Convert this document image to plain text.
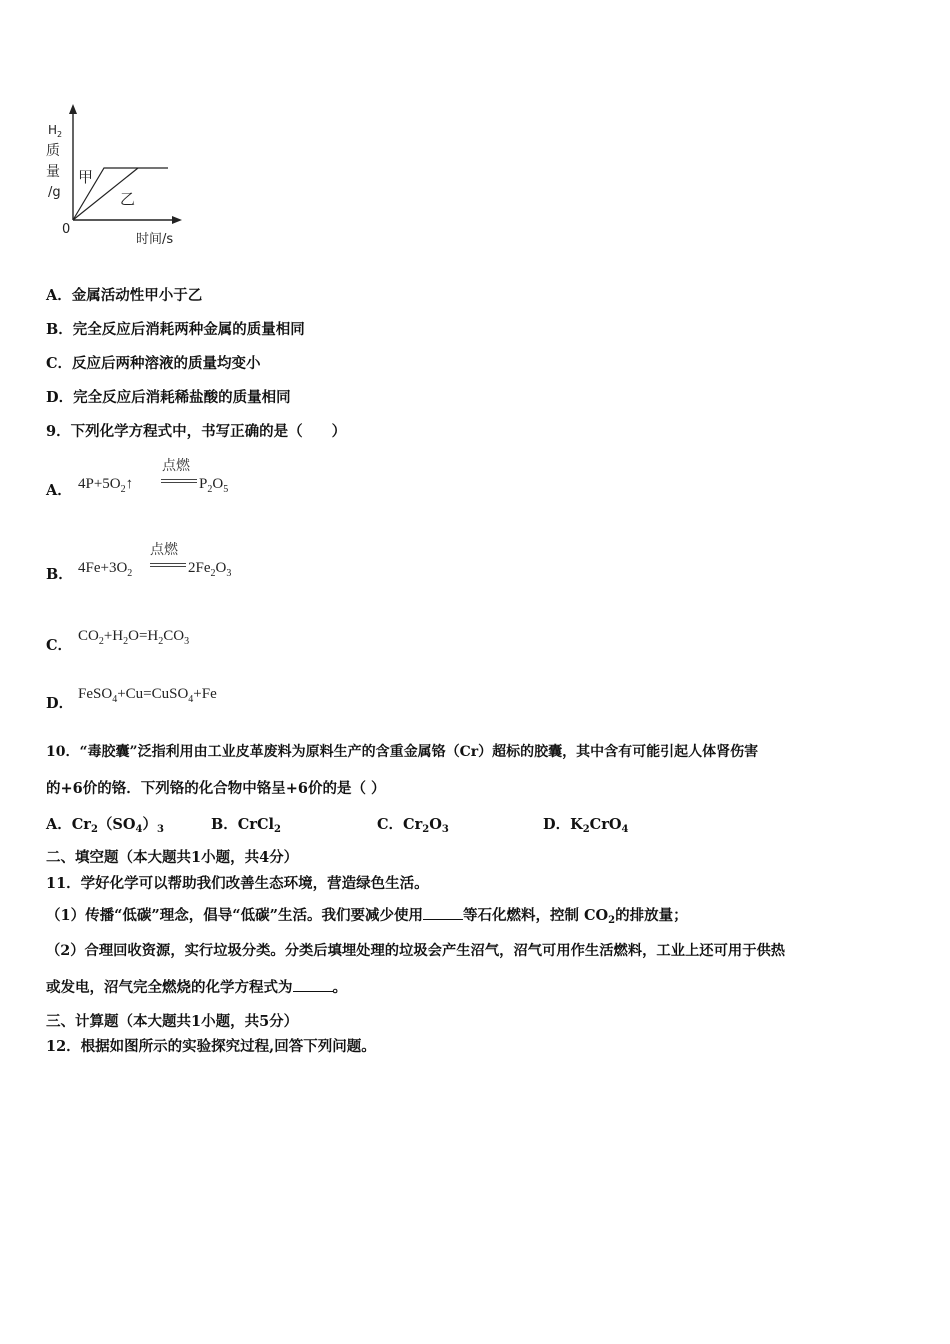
$H_2$
质
量
/g
0
时间/s
甲
乙
A．金属活动性甲小于乙
B．完全反应后消耗两种金属的质量相同
C．反应后两种溶液的质量均变小
D．完全反应后消耗稀盐酸的质量相同
9．下列化学方程式中，书写正确的是（　　）
A． $4P+5O_2↑$
点燃
$P_2O_5$
B． $4Fe+3O_2$
点燃
$2Fe_2O_3$
C．
$CO_2+H_2O=H_2CO_3$
D．
FeSO$_4$+Cu=CuSO$_4$+Fe
10．“毒胶囊”泛指利用由工业皮革废料为原料生产的含重金属铬（Cr）超标的胶囊，其中含有可能引起人体肾伤害
的+6价的铬．下列铬的化合物中铬呈+6价的是（ ）
A．$Cr_2(SO_4)_3$	B．CrCl$_2$	C．$Cr_2O_3$	D．$K_2CrO_4$
二、填空题（本大题共1小题，共4分）
11．学好化学可以帮助我们改善生态环境，营造绿色生活。
（1）传播“低碳”理念，倡导“低碳”生活。我们要减少使用	等石化燃料，控制 $CO_2$的排放量；
（2）合理回收资源，实行垃圾分类。分类后填埋处理的垃圾会产生沼气，沼气可用作生活燃料，工业上还可用于供热
或发电，沼气完全燃烧的化学方程式为	。
三、计算题（本大题共1小题，共5分）
12．根据如图所示的实验探究过程,回答下列问题。
